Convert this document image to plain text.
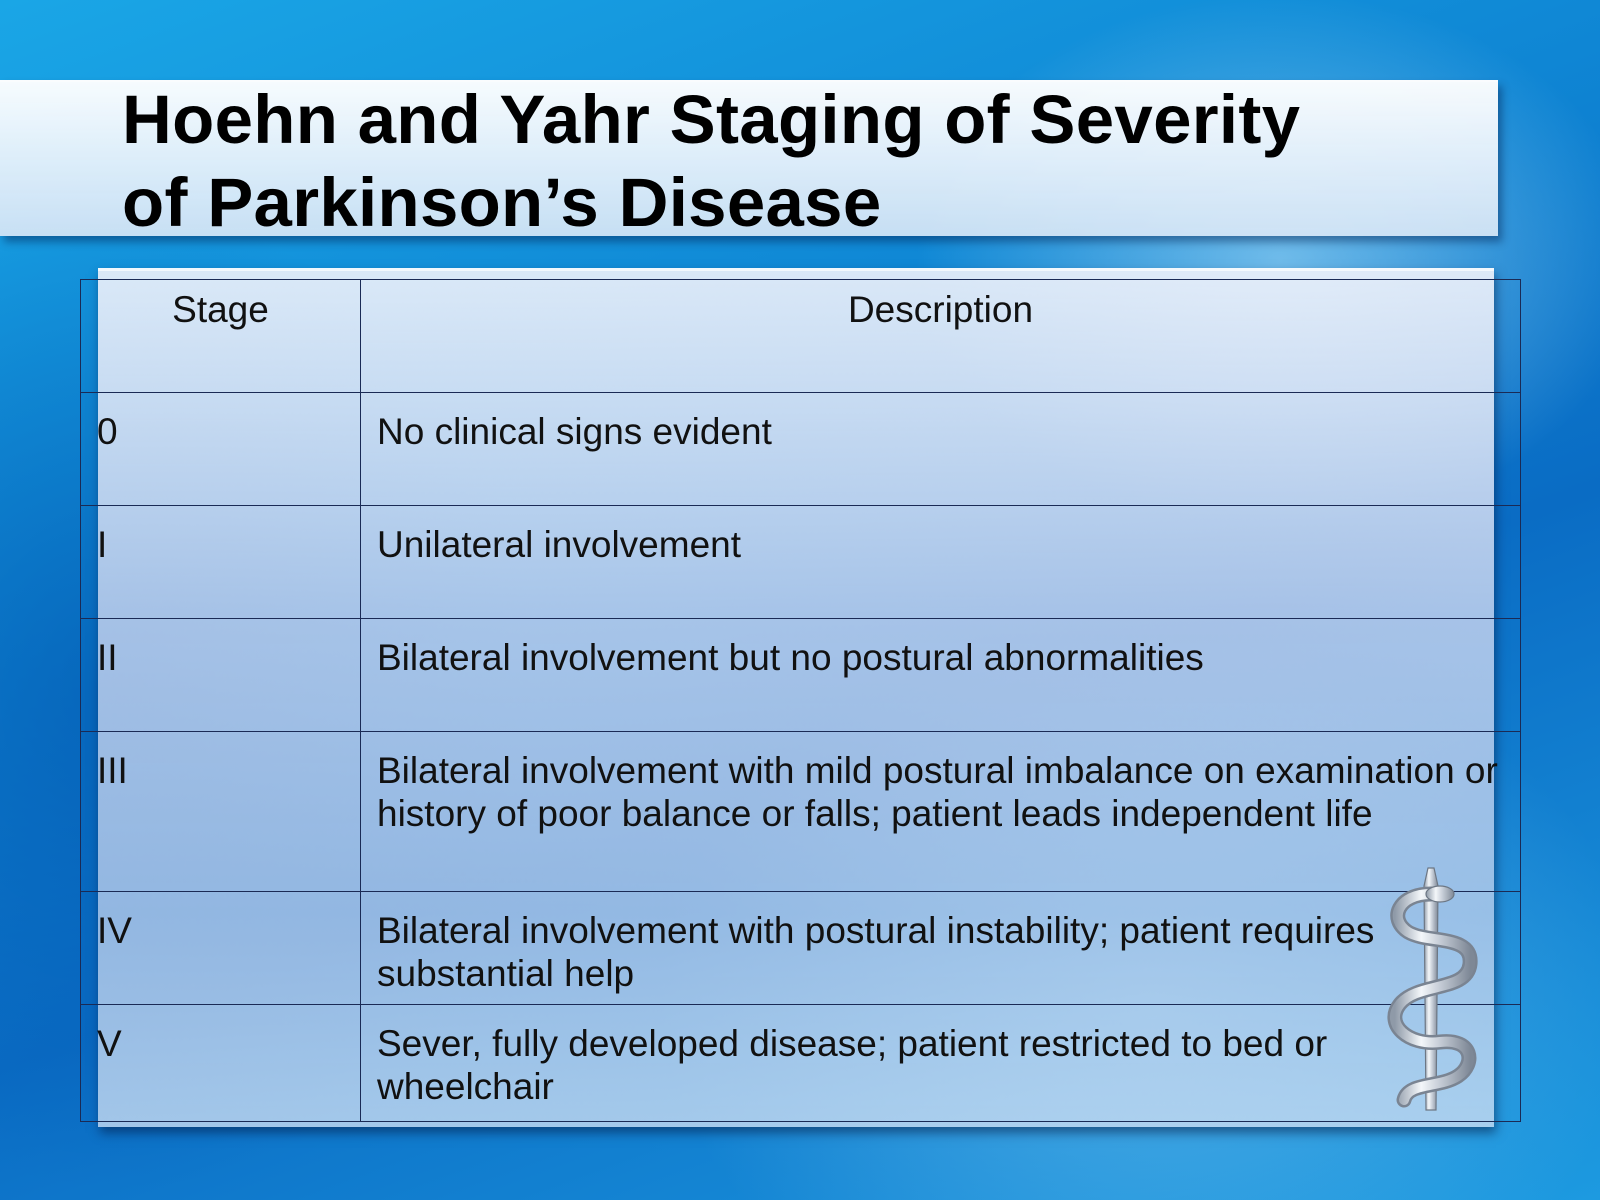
Hoehn and Yahr Staging of Severity
of Parkinson’s Disease
Stage	Description
0	No clinical signs evident
I	Unilateral involvement
II	Bilateral involvement but no postural abnormalities
III	Bilateral involvement with mild postural imbalance on examination or history of poor balance or falls; patient leads independent life
IV	Bilateral involvement with postural instability; patient requires substantial help
V	Sever, fully developed disease; patient restricted to bed or wheelchair
